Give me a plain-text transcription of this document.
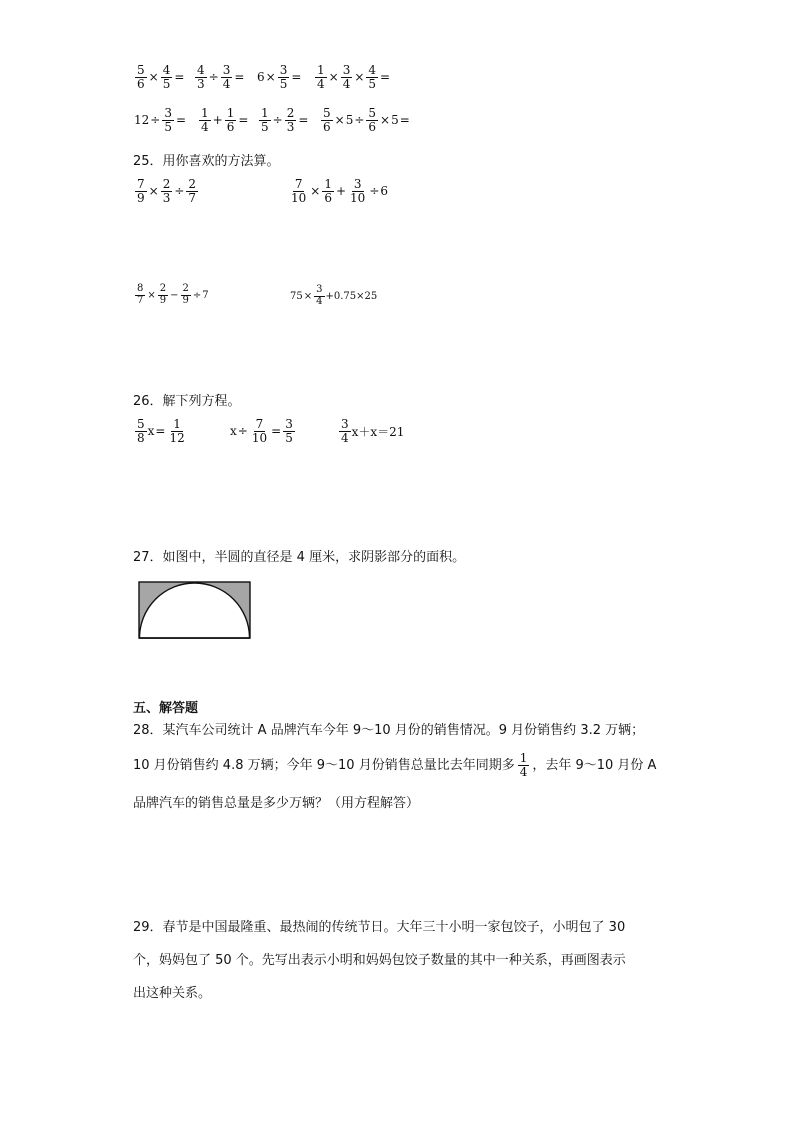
$\frac{5}{6} \times \frac{4}{5} = \frac{4}{3} \div \frac{3}{4} = 6 \times \frac{3}{5} = \frac{1}{4} \times \frac{3}{4} \times \frac{4}{5}$ =
$12 \div \frac{3}{5} = \frac{1}{4} + \frac{1}{6} = \frac{1}{5} \div \frac{2}{3} = \frac{5}{6} \times 5 \div \frac{5}{6} \times 5$ =
25．用你喜欢的方法算。
$\frac{7}{9} \times \frac{2}{3} \div \frac{2}{7}$	$\frac{7}{10} \times \frac{1}{6} + \frac{3}{10} \div 6$
$\frac{8}{7} \times \frac{2}{9} - \frac{2}{9} \div 7$	$75 \times \frac{3}{4} +0.75\times 25$
26．解下列方程。
$\frac{5}{8}$ $x = \frac{1}{12}$	$x \div \frac{7}{10} = \frac{3}{5}$	$\frac{3}{4} x+x=21$
27．如图中，半圆的直径是 4 厘米，求阴影部分的面积。
五、解答题
28．某汽车公司统计 A 品牌汽车今年 9～10 月份的销售情况。9 月份销售约 3.2 万辆；
10 月份销售约 4.8 万辆；今年 9～10 月份销售总量比去年同期多 $\frac{1}{4}$ ，去年 9～10 月份 A
品牌汽车的销售总量是多少万辆？（用方程解答）
29．春节是中国最隆重、最热闹的传统节日。大年三十小明一家包饺子，小明包了 30
个，妈妈包了 50 个。先写出表示小明和妈妈包饺子数量的其中一种关系，再画图表示
出这种关系。
